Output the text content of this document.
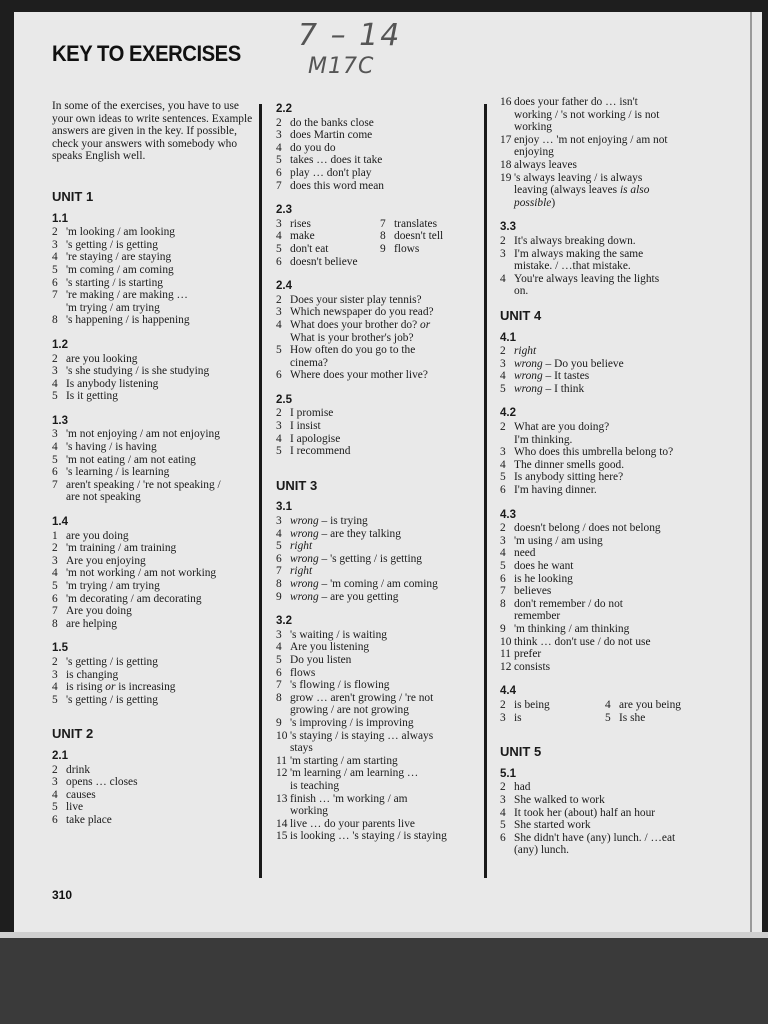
KEY TO EXERCISES
7 – 14
M17C
In some of the exercises, you have to use your own ideas to write sentences. Example answers are given in the key. If possible, check your answers with somebody who speaks English well.
UNIT 1
1.1
2 'm looking / am looking
3 's getting / is getting
4 're staying / are staying
5 'm coming / am coming
6 's starting / is starting
7 're making / are making …
'm trying / am trying
8 's happening / is happening
1.2
2 are you looking
3 's she studying / is she studying
4 Is anybody listening
5 Is it getting
1.3
3 'm not enjoying / am not enjoying
4 's having / is having
5 'm not eating / am not eating
6 's learning / is learning
7 aren't speaking / 're not speaking /
are not speaking
1.4
1 are you doing
2 'm training / am training
3 Are you enjoying
4 'm not working / am not working
5 'm trying / am trying
6 'm decorating / am decorating
7 Are you doing
8 are helping
1.5
2 's getting / is getting
3 is changing
4 is rising or is increasing
5 's getting / is getting
UNIT 2
2.1
2 drink
3 opens … closes
4 causes
5 live
6 take place
2.2
2 do the banks close
3 does Martin come
4 do you do
5 takes … does it take
6 play … don't play
7 does this word mean
2.3
3 rises	7 translates
4 make	8 doesn't tell
5 don't eat	9 flows
6 doesn't believe
2.4
2 Does your sister play tennis?
3 Which newspaper do you read?
4 What does your brother do? or
What is your brother's job?
5 How often do you go to the
cinema?
6 Where does your mother live?
2.5
2 I promise
3 I insist
4 I apologise
5 I recommend
UNIT 3
3.1
3 wrong – is trying
4 wrong – are they talking
5 right
6 wrong – 's getting / is getting
7 right
8 wrong – 'm coming / am coming
9 wrong – are you getting
3.2
3 's waiting / is waiting
4 Are you listening
5 Do you listen
6 flows
7 's flowing / is flowing
8 grow … aren't growing / 're not
growing / are not growing
9 's improving / is improving
10 's staying / is staying … always
stays
11 'm starting / am starting
12 'm learning / am learning …
is teaching
13 finish … 'm working / am
working
14 live … do your parents live
15 is looking … 's staying / is staying
16 does your father do … isn't
working / 's not working / is not
working
17 enjoy … 'm not enjoying / am not
enjoying
18 always leaves
19 's always leaving / is always
leaving (always leaves is also
possible)
3.3
2 It's always breaking down.
3 I'm always making the same
mistake. / …that mistake.
4 You're always leaving the lights
on.
UNIT 4
4.1
2 right
3 wrong – Do you believe
4 wrong – It tastes
5 wrong – I think
4.2
2 What are you doing?
I'm thinking.
3 Who does this umbrella belong to?
4 The dinner smells good.
5 Is anybody sitting here?
6 I'm having dinner.
4.3
2 doesn't belong / does not belong
3 'm using / am using
4 need
5 does he want
6 is he looking
7 believes
8 don't remember / do not
remember
9 'm thinking / am thinking
10 think … don't use / do not use
11 prefer
12 consists
4.4
2 is being	4 are you being
3 is	5 Is she
UNIT 5
5.1
2 had
3 She walked to work
4 It took her (about) half an hour
5 She started work
6 She didn't have (any) lunch. / …eat
(any) lunch.
310
